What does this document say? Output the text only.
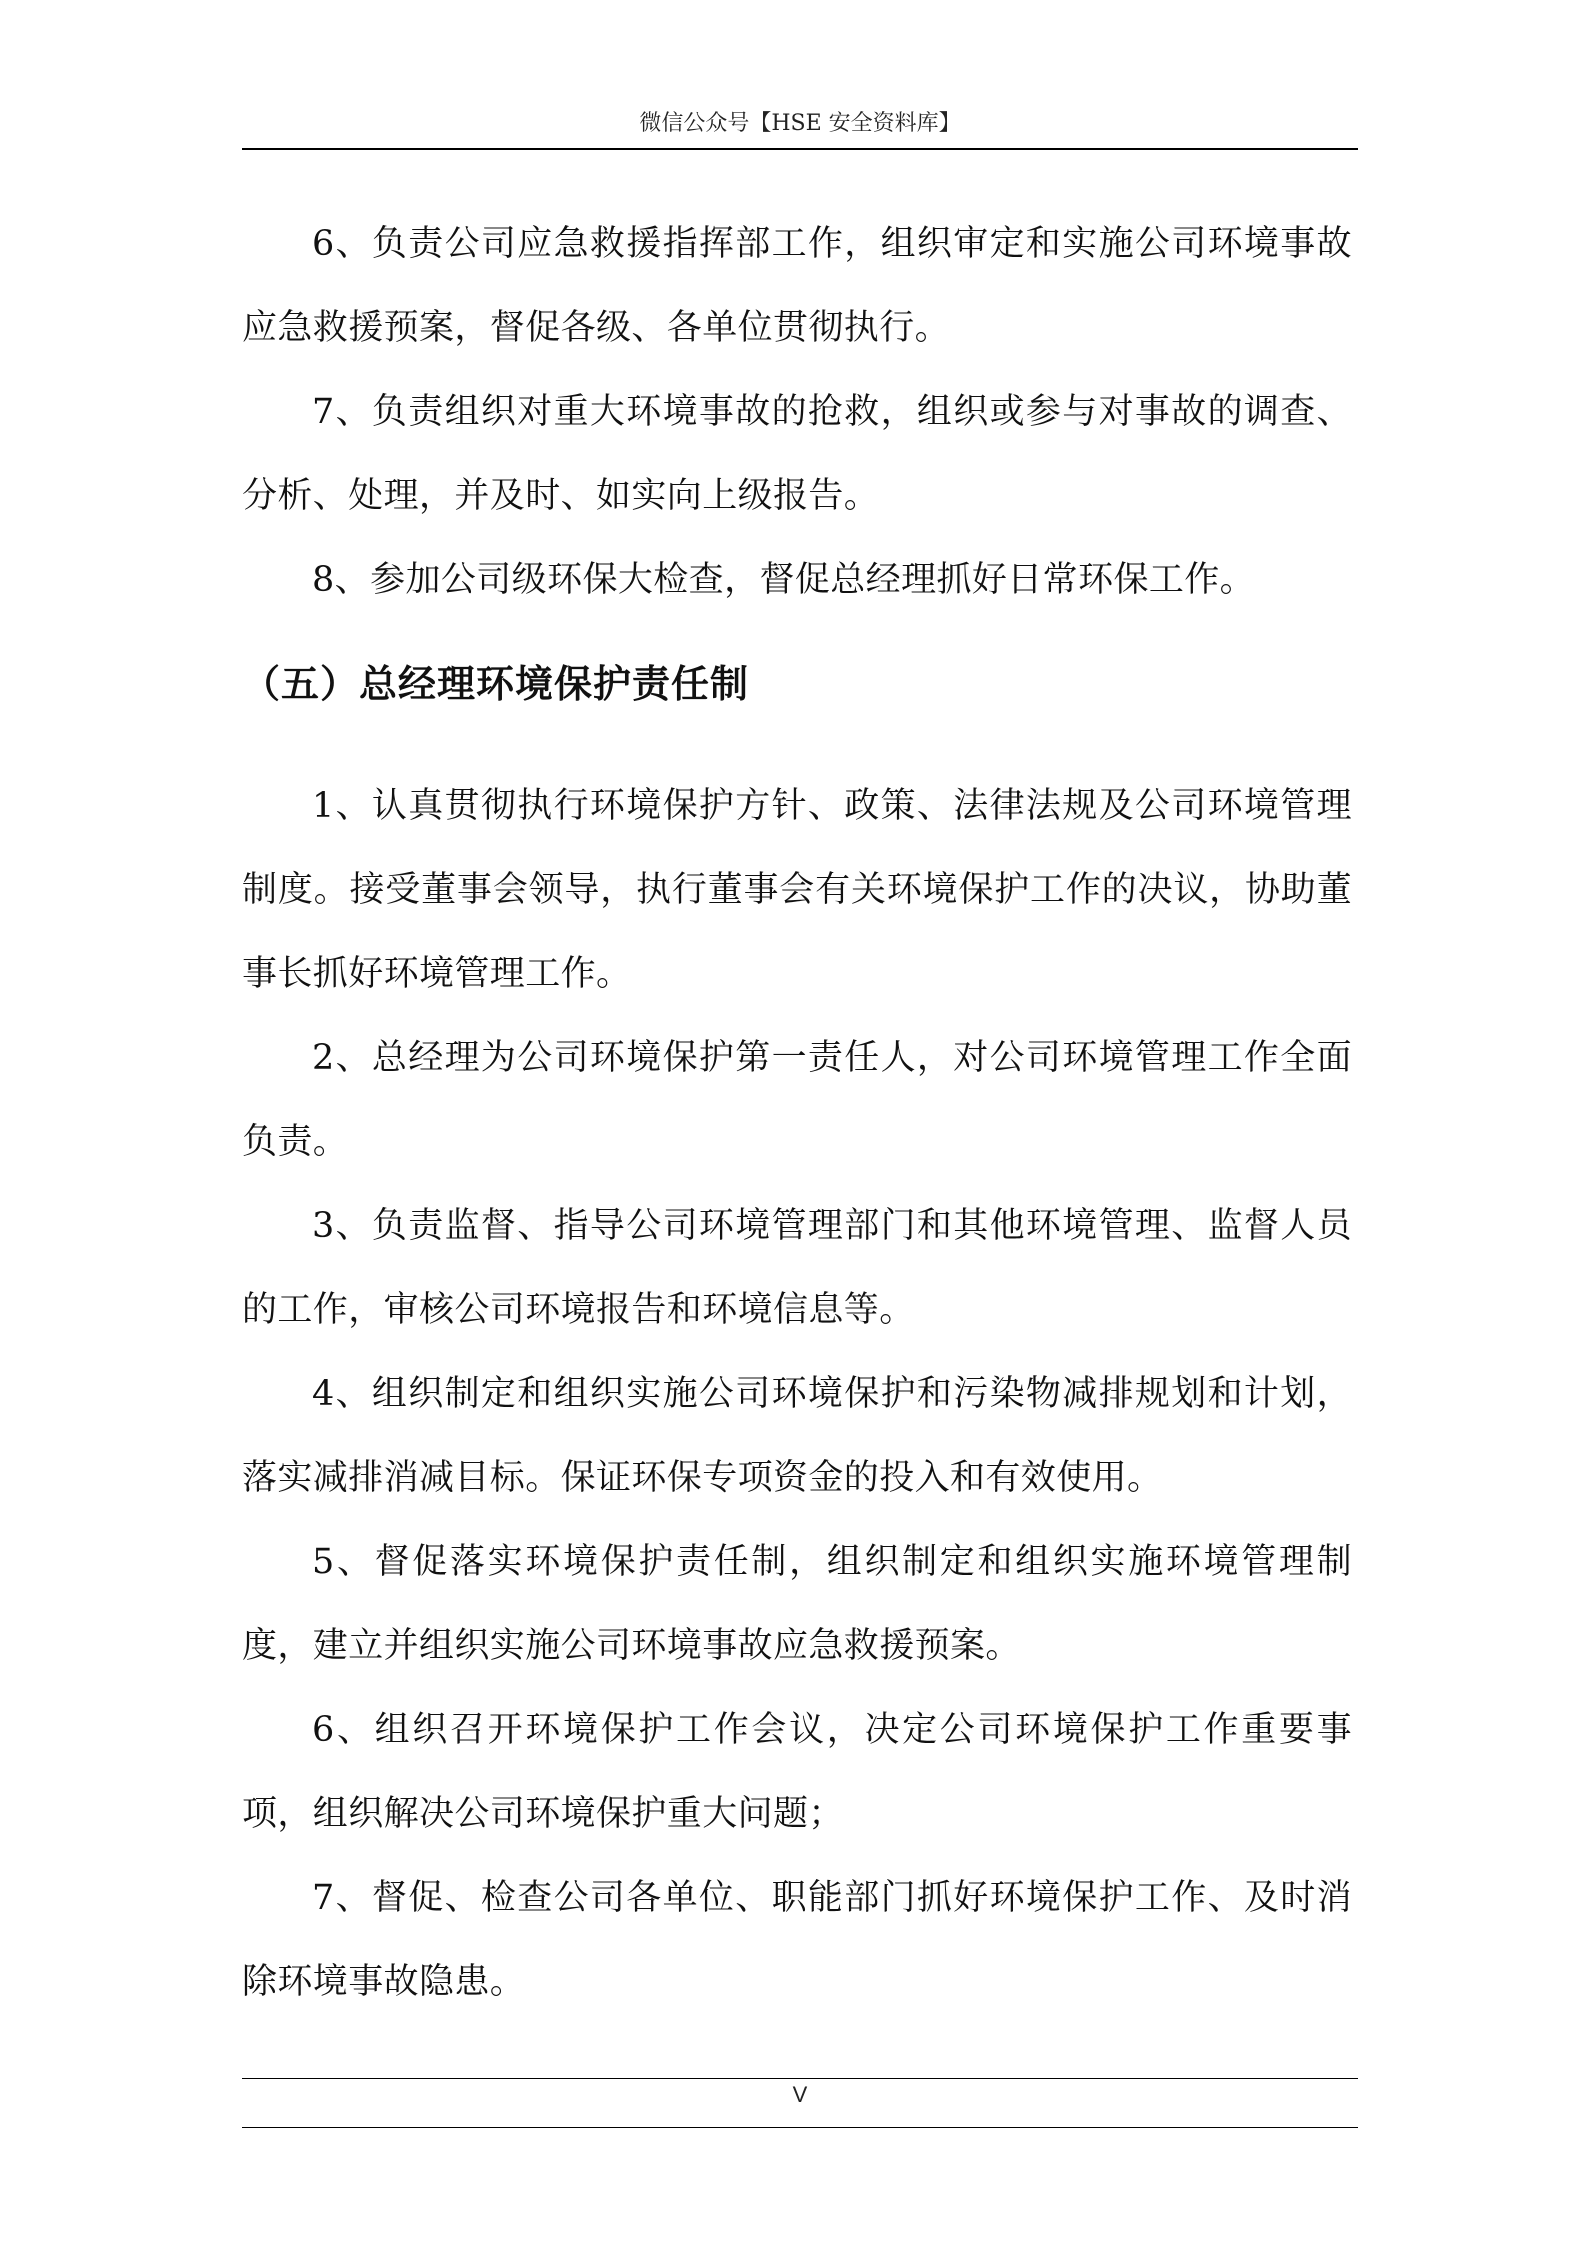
微信公众号【HSE 安全资料库】

6、负责公司应急救援指挥部工作，组织审定和实施公司环境事故应急救援预案，督促各级、各单位贯彻执行。

7、负责组织对重大环境事故的抢救，组织或参与对事故的调查、分析、处理，并及时、如实向上级报告。

8、参加公司级环保大检查，督促总经理抓好日常环保工作。

（五）总经理环境保护责任制

1、认真贯彻执行环境保护方针、政策、法律法规及公司环境管理制度。接受董事会领导，执行董事会有关环境保护工作的决议，协助董事长抓好环境管理工作。

2、总经理为公司环境保护第一责任人，对公司环境管理工作全面负责。

3、负责监督、指导公司环境管理部门和其他环境管理、监督人员的工作，审核公司环境报告和环境信息等。

4、组织制定和组织实施公司环境保护和污染物减排规划和计划，落实减排消减目标。保证环保专项资金的投入和有效使用。

5、督促落实环境保护责任制，组织制定和组织实施环境管理制度，建立并组织实施公司环境事故应急救援预案。

6、组织召开环境保护工作会议，决定公司环境保护工作重要事项，组织解决公司环境保护重大问题；

7、督促、检查公司各单位、职能部门抓好环境保护工作、及时消除环境事故隐患。

V
